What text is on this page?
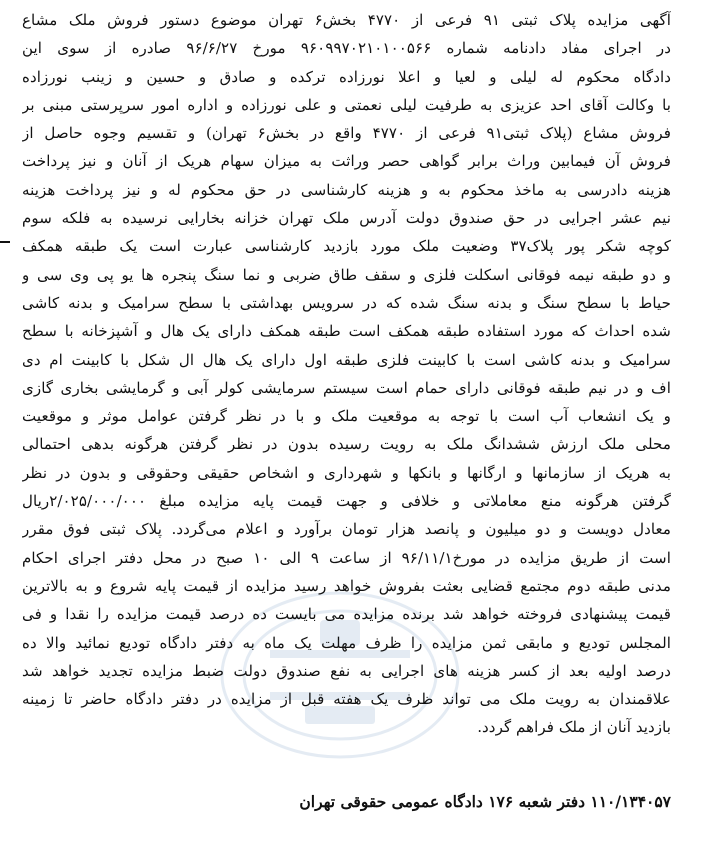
آگهی مزایده پلاک ثبتی ۹۱ فرعی از ۴۷۷۰ بخش۶ تهران موضوع دستور فروش ملک مشاع
در اجرای مفاد دادنامه شماره ۹۶۰۹۹۷۰۲۱۰۱۰۰۵۶۶ مورخ ۹۶/۶/۲۷ صادره از سوی این
دادگاه محکوم له لیلی و لعیا و اعلا نورزاده ترکده و صادق و حسین و زینب نورزاده
با وکالت آقای احد عزیزی به طرفیت لیلی نعمتی و علی نورزاده و اداره امور سرپرستی مبنی بر
فروش مشاع (پلاک ثبتی۹۱ فرعی از ۴۷۷۰ واقع در بخش۶ تهران) و تقسیم وجوه حاصل از
فروش آن فیمابین وراث برابر گواهی حصر وراثت به میزان سهام هریک از آنان و نیز پرداخت
هزینه دادرسی به ماخذ محکوم به و هزینه کارشناسی در حق محکوم له و نیز پرداخت هزینه
نیم عشر اجرایی در حق صندوق دولت آدرس ملک تهران خزانه بخارایی نرسیده به فلکه سوم
کوچه شکر پور پلاک۳۷ وضعیت ملک مورد بازدید کارشناسی عبارت است یک طبقه همکف
و دو طبقه نیمه فوقانی اسکلت فلزی و سقف طاق ضربی و نما سنگ پنجره ها یو پی وی سی و
حیاط با سطح سنگ و بدنه سنگ شده که در سرویس بهداشتی با سطح سرامیک و بدنه کاشی
شده احداث که مورد استفاده طبقه همکف است طبقه همکف دارای یک هال و آشپزخانه با سطح
سرامیک و بدنه کاشی است با کابینت فلزی طبقه اول دارای یک هال ال شکل با کابینت ام دی
اف و در نیم طبقه فوقانی دارای حمام است سیستم سرمایشی کولر آبی و گرمایشی بخاری گازی
و یک انشعاب آب است با توجه به موقعیت ملک و با در نظر گرفتن عوامل موثر و موقعیت
محلی ملک ارزش ششدانگ ملک به رویت رسیده بدون در نظر گرفتن هرگونه بدهی احتمالی
به هریک از سازمانها و ارگانها و بانکها و شهرداری و اشخاص حقیقی وحقوقی و بدون در نظر
گرفتن هرگونه منع معاملاتی و خلافی و جهت قیمت پایه مزایده مبلغ ۲/۰۲۵/۰۰۰/۰۰۰ریال
معادل دویست و دو میلیون و پانصد هزار تومان برآورد و اعلام می‌گردد. پلاک ثبتی فوق مقرر
است از طریق مزایده در مورخ۹۶/۱۱/۱ از ساعت ۹ الی ۱۰ صبح در محل دفتر اجرای احکام
مدنی طبقه دوم مجتمع قضایی بعثت بفروش خواهد رسید مزایده از قیمت پایه شروع و به بالاترین
قیمت پیشنهادی فروخته خواهد شد برنده مزایده می بایست ده درصد قیمت مزایده را نقدا و فی
المجلس تودیع و مابقی ثمن مزایده را ظرف مهلت یک ماه به دفتر دادگاه تودیع نمائید والا ده
درصد اولیه بعد از کسر هزینه های اجرایی به نفع صندوق دولت ضبط مزایده تجدید خواهد شد
علاقمندان به رویت ملک می تواند ظرف یک هفته قبل از مزایده در دفتر دادگاه حاضر تا زمینه
بازدید آنان از ملک فراهم گردد.
۱۱۰/۱۳۴۰۵۷ دفتر شعبه ۱۷۶ دادگاه عمومی حقوقی تهران
